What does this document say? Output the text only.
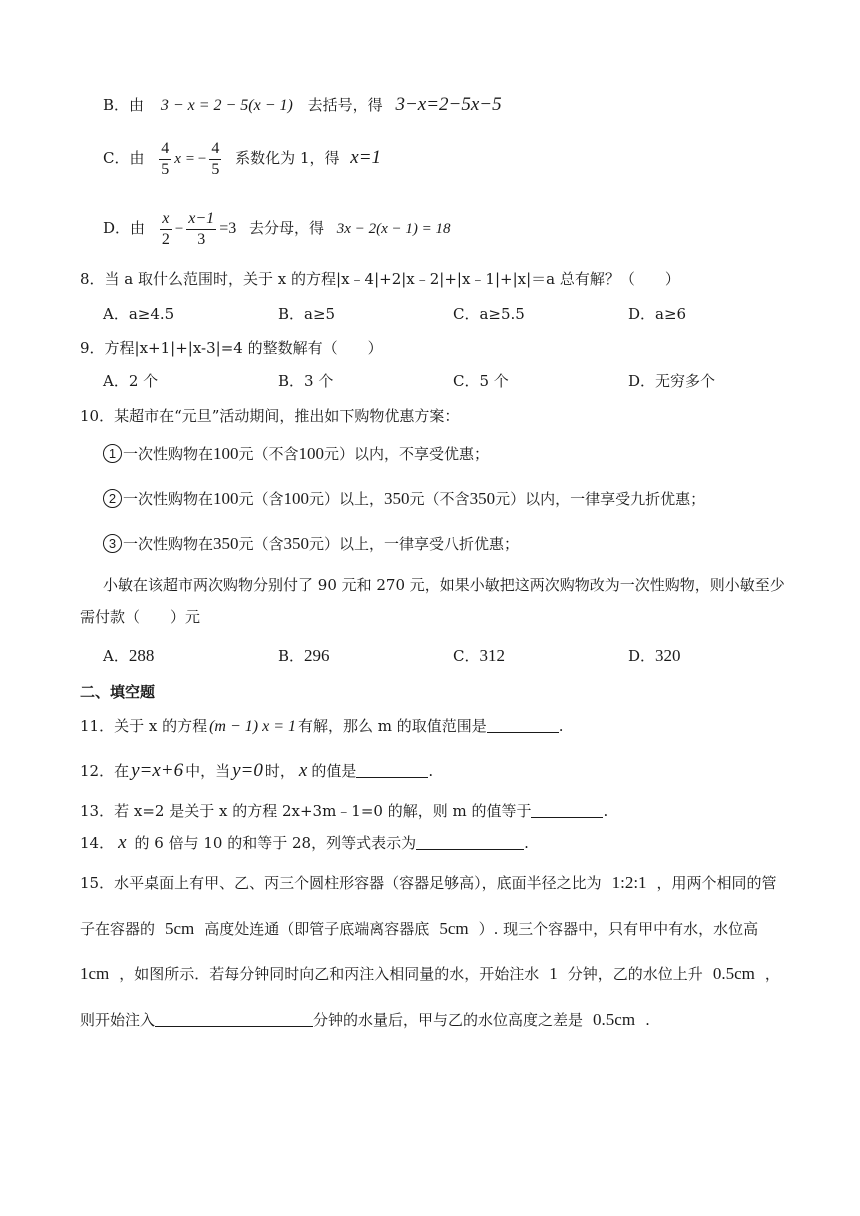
B．由 3 − x = 2 − 5(x − 1) 去括号，得 3−x=2−5x−5
C．由 $\frac{4}{5}$ x = − $\frac{4}{5}$ 系数化为 1，得 x=1
D．由 $\frac{x}{2} - \frac{x-1}{3} =3$ 去分母，得 3x − 2(x − 1) = 18
8．当 a 取什么范围时，关于 x 的方程|x﹣4|+2|x﹣2|+|x﹣1|+|x|＝a 总有解？（　　）
A．a≥4.5	B．a≥5	C．a≥5.5	D．a≥6
9．方程|x+1|+|x-3|=4 的整数解有（　　）
A．2 个	B．3 个	C．5 个	D．无穷多个
10．某超市在“元旦”活动期间，推出如下购物优惠方案：
1 一次性购物在100元（不含100元）以内，不享受优惠；
2 一次性购物在100元（含100元）以上，350元（不含350元）以内，一律享受九折优惠；
3 一次性购物在350元（含350元）以上，一律享受八折优惠；
小敏在该超市两次购物分别付了 90 元和 270 元，如果小敏把这两次购物改为一次性购物，则小敏至少
需付款（　　）元
A．288	B．296	C．312	D．320
二、填空题
11．关于 x 的方程 (m − 1) x = 1 有解，那么 m 的取值范围是	.
12．在 y=x+6 中，当 y=0 时， x 的值是	.
13．若 x=2 是关于 x 的方程 2x+3m﹣1=0 的解，则 m 的值等于	.
14． x 的 6 倍与 10 的和等于 28，列等式表示为	.
15．水平桌面上有甲、乙、丙三个圆柱形容器（容器足够高），底面半径之比为 1:2:1 ，用两个相同的管
子在容器的 5cm 高度处连通（即管子底端离容器底 5cm ）. 现三个容器中，只有甲中有水，水位高
1cm ，如图所示．若每分钟同时向乙和丙注入相同量的水，开始注水 1 分钟，乙的水位上升 0.5cm ，
则开始注入	分钟的水量后，甲与乙的水位高度之差是 0.5cm .
